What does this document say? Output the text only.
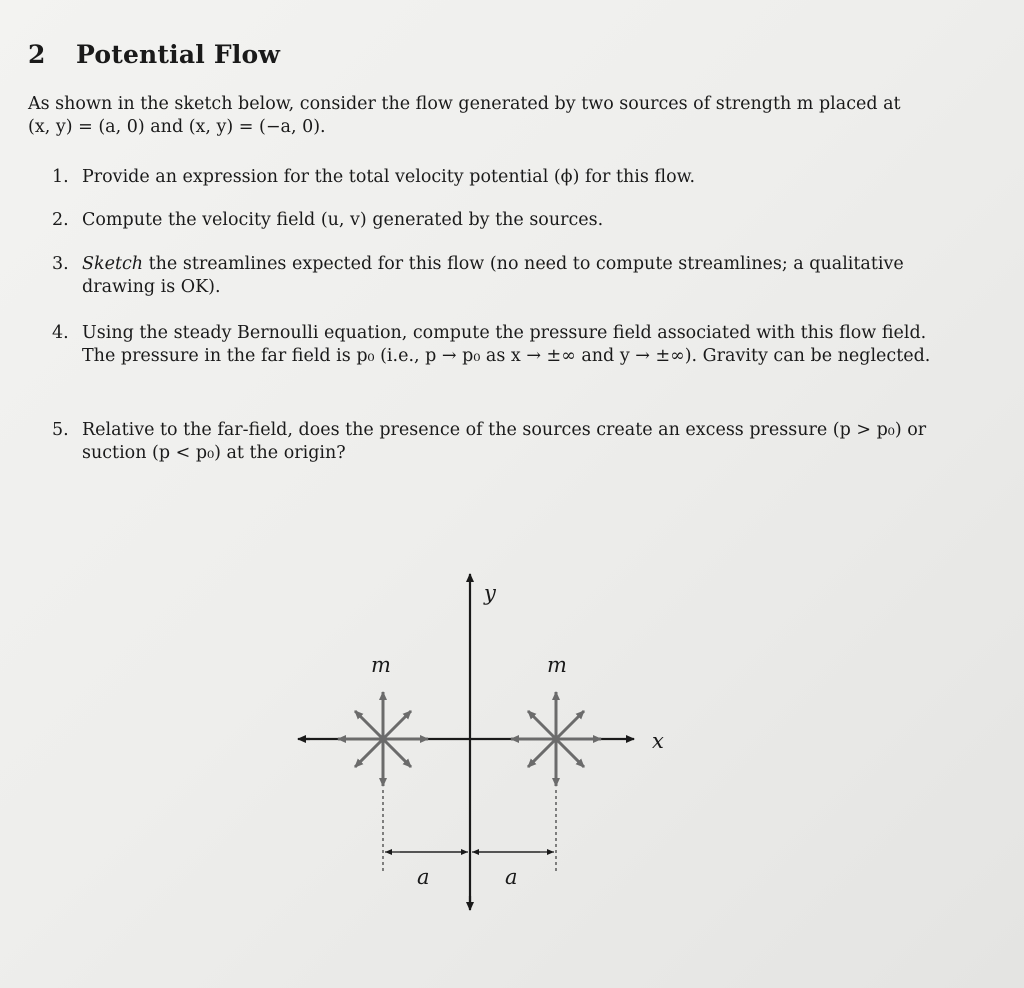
2 Potential Flow

As shown in the sketch below, consider the flow generated by two sources of strength m placed at

(x, y) = (a, 0) and (x, y) = (−a, 0).

1. Provide an expression for the total velocity potential (ϕ) for this flow.
2. Compute the velocity field (u, v) generated by the sources.
3. Sketch the streamlines expected for this flow (no need to compute streamlines; a qualitative drawing is OK).
4. Using the steady Bernoulli equation, compute the pressure field associated with this flow field. The pressure in the far field is p₀ (i.e., p → p₀ as x → ±∞ and y → ±∞). Gravity can be neglected.
5. Relative to the far-field, does the presence of the sources create an excess pressure (p > p₀) or suction (p < p₀) at the origin?
y
x
m	m
a	a
